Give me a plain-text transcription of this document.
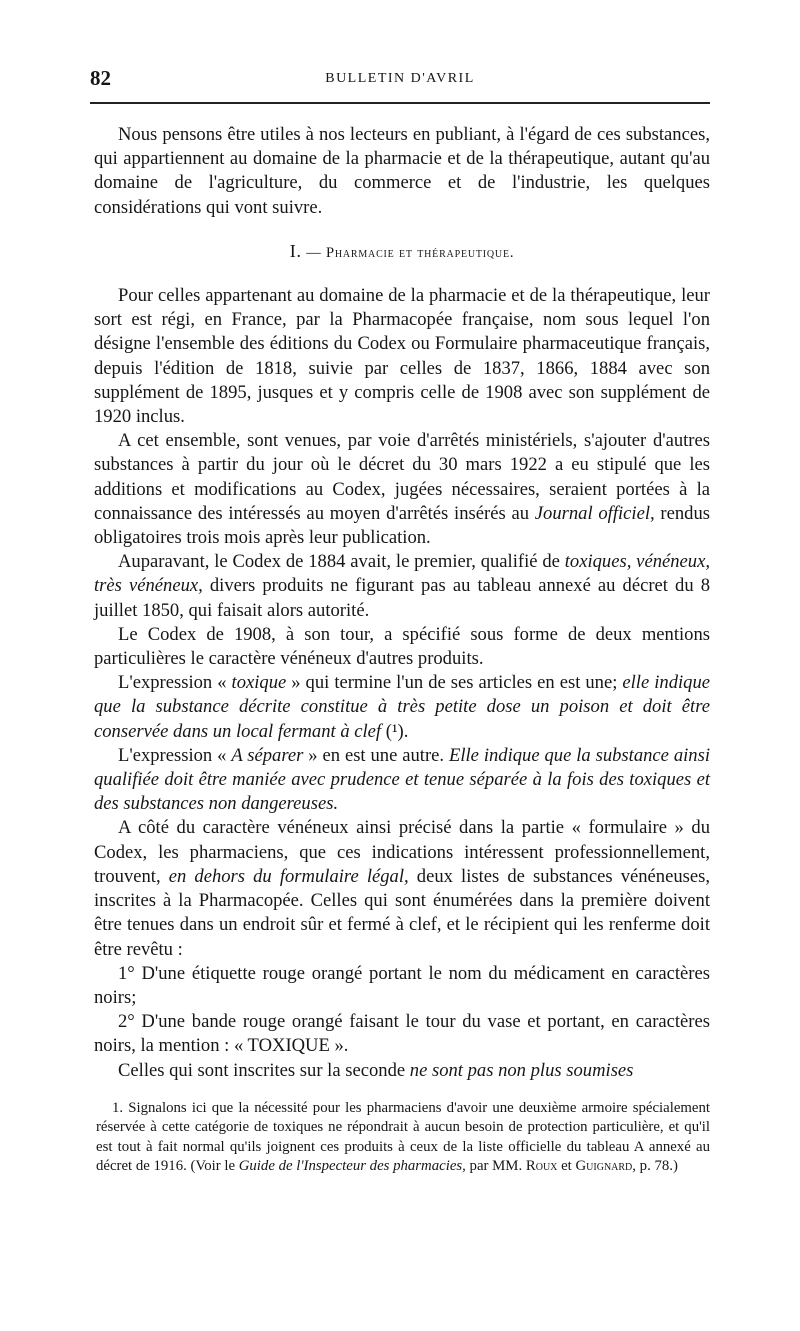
82	BULLETIN D'AVRIL

Nous pensons être utiles à nos lecteurs en publiant, à l'égard de ces substances, qui appartiennent au domaine de la pharmacie et de la thérapeutique, autant qu'au domaine de l'agriculture, du commerce et de l'industrie, les quelques considérations qui vont suivre.

I. — Pharmacie et thérapeutique.

Pour celles appartenant au domaine de la pharmacie et de la thérapeutique, leur sort est régi, en France, par la Pharmacopée française, nom sous lequel l'on désigne l'ensemble des éditions du Codex ou Formulaire pharmaceutique français, depuis l'édition de 1818, suivie par celles de 1837, 1866, 1884 avec son supplément de 1895, jusques et y compris celle de 1908 avec son supplément de 1920 inclus.

A cet ensemble, sont venues, par voie d'arrêtés ministériels, s'ajouter d'autres substances à partir du jour où le décret du 30 mars 1922 a eu stipulé que les additions et modifications au Codex, jugées nécessaires, seraient portées à la connaissance des intéressés au moyen d'arrêtés insérés au Journal officiel, rendus obligatoires trois mois après leur publication.

Auparavant, le Codex de 1884 avait, le premier, qualifié de toxiques, vénéneux, très vénéneux, divers produits ne figurant pas au tableau annexé au décret du 8 juillet 1850, qui faisait alors autorité.

Le Codex de 1908, à son tour, a spécifié sous forme de deux mentions particulières le caractère vénéneux d'autres produits.

L'expression « toxique » qui termine l'un de ses articles en est une; elle indique que la substance décrite constitue à très petite dose un poison et doit être conservée dans un local fermant à clef (¹).

L'expression « A séparer » en est une autre. Elle indique que la substance ainsi qualifiée doit être maniée avec prudence et tenue séparée à la fois des toxiques et des substances non dangereuses.

A côté du caractère vénéneux ainsi précisé dans la partie « formulaire » du Codex, les pharmaciens, que ces indications intéressent professionnellement, trouvent, en dehors du formulaire légal, deux listes de substances vénéneuses, inscrites à la Pharmacopée. Celles qui sont énumérées dans la première doivent être tenues dans un endroit sûr et fermé à clef, et le récipient qui les renferme doit être revêtu :

1° D'une étiquette rouge orangé portant le nom du médicament en caractères noirs;

2° D'une bande rouge orangé faisant le tour du vase et portant, en caractères noirs, la mention : « TOXIQUE ».

Celles qui sont inscrites sur la seconde ne sont pas non plus soumises

1. Signalons ici que la nécessité pour les pharmaciens d'avoir une deuxième armoire spécialement réservée à cette catégorie de toxiques ne répondrait à aucun besoin de protection particulière, et qu'il est tout à fait normal qu'ils joignent ces produits à ceux de la liste officielle du tableau A annexé au décret de 1916. (Voir le Guide de l'Inspecteur des pharmacies, par MM. Roux et Guignard, p. 78.)
